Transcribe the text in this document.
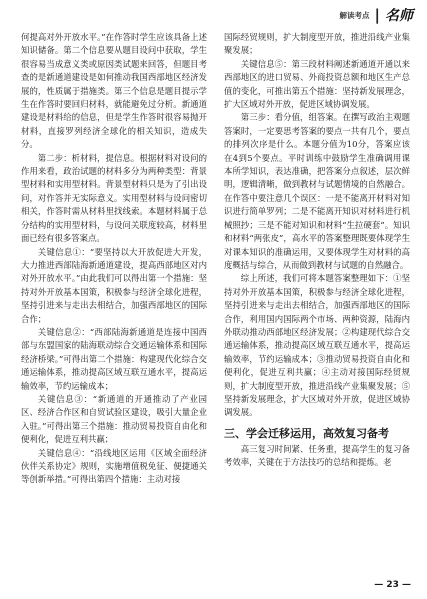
解读考点 | 名师

何提高对外开放水平。”在作答时学生应该具备上述知识储备。第二个信息要从题目设问中获取，学生很容易当成意义类或原因类试题来回答，但题目考查的是新通道建设是如何推动我国西部地区经济发展的，性质属于措施类。第三个信息是题目提示学生在作答时要回归材料，就能避免过分析。新通道建设是材料给的信息，但是学生作答时很容易抛开材料，直接罗列经济全球化的相关知识，造成失分。

第二步：析材料，提信息。根据材料对设问的作用来看，政治试题的材料多分为两种类型：背景型材料和实用型材料。背景型材料只是为了引出设问，对作答并无实际意义。实用型材料与设问密切相关，作答时需从材料里找线索。本题材料属于总分结构的实用型材料，与设问关联度较高，材料里面已经有很多答案点。

关键信息①：“要坚持以大开放促进大开发，大力推进西部陆海新通道建设，提高西部地区对内对外开放水平。”由此我们可以得出第一个措施：坚持对外开放基本国策，积极参与经济全球化进程，坚持引进来与走出去相结合，加强西部地区的国际合作；

关键信息②：“西部陆海新通道是连接中国西部与东盟国家的陆海联动综合交通运输体系和国际经济桥梁。”可得出第二个措施：构建现代化综合交通运输体系，推动提高区域互联互通水平，提高运输效率，节约运输成本；

关键信息③：“新通道的开通推动了产业园区、经济合作区和自贸试验区建设，吸引大量企业入驻。”可得出第三个措施：推动贸易投资自由化和便利化，促进互利共赢；

关键信息④：“沿线地区运用《区域全面经济伙伴关系协定》规则，实施增值税免征、便捷通关等创新举措。”可得出第四个措施：主动对接

国际经贸规则，扩大制度型开放，推进沿线产业集聚发展；

关键信息⑤：第三段材料阐述新通道开通以来西部地区的进口贸易、外商投资总额和地区生产总值的变化，可推出第五个措施：坚持新发展理念，扩大区域对外开放，促进区域协调发展。

第三步：看分值，组答案。在撰写政治主观题答案时，一定要思考答案的要点一共有几个，要点的排列次序是什么。本题分值为10分，答案应该在4到5个要点。平时训练中鼓励学生准确调用课本所学知识，表达准确，把答案分点叙述，层次鲜明，逻辑清晰，做到教材与试题情境的自然融合。在作答中要注意几个误区：一是不能离开材料对知识进行简单罗列；二是不能离开知识对材料进行机械照抄；三是不能对知识和材料“生拉硬套”。知识和材料“两张皮”，高水平的答案整理既要体现学生对课本知识的准确运用，又要体现学生对材料的高度概括与综合，从而做到教材与试题的自然融合。

综上所述，我们可将本题答案整理如下：①坚持对外开放基本国策，积极参与经济全球化进程，坚持引进来与走出去相结合，加强西部地区的国际合作，利用国内国际两个市场、两种资源，陆海内外联动推动西部地区经济发展；②构建现代综合交通运输体系，推动提高区域互联互通水平，提高运输效率，节约运输成本；③推动贸易投资自由化和便利化，促进互利共赢；④主动对接国际经贸规则，扩大制度型开放，推进沿线产业集聚发展；⑤坚持新发展理念，扩大区域对外开放，促进区域协调发展。

三、学会迁移运用，高效复习备考

高三复习时间紧、任务重，提高学生的复习备考效率，关键在于方法技巧的总结和提炼。老

— 23 —
